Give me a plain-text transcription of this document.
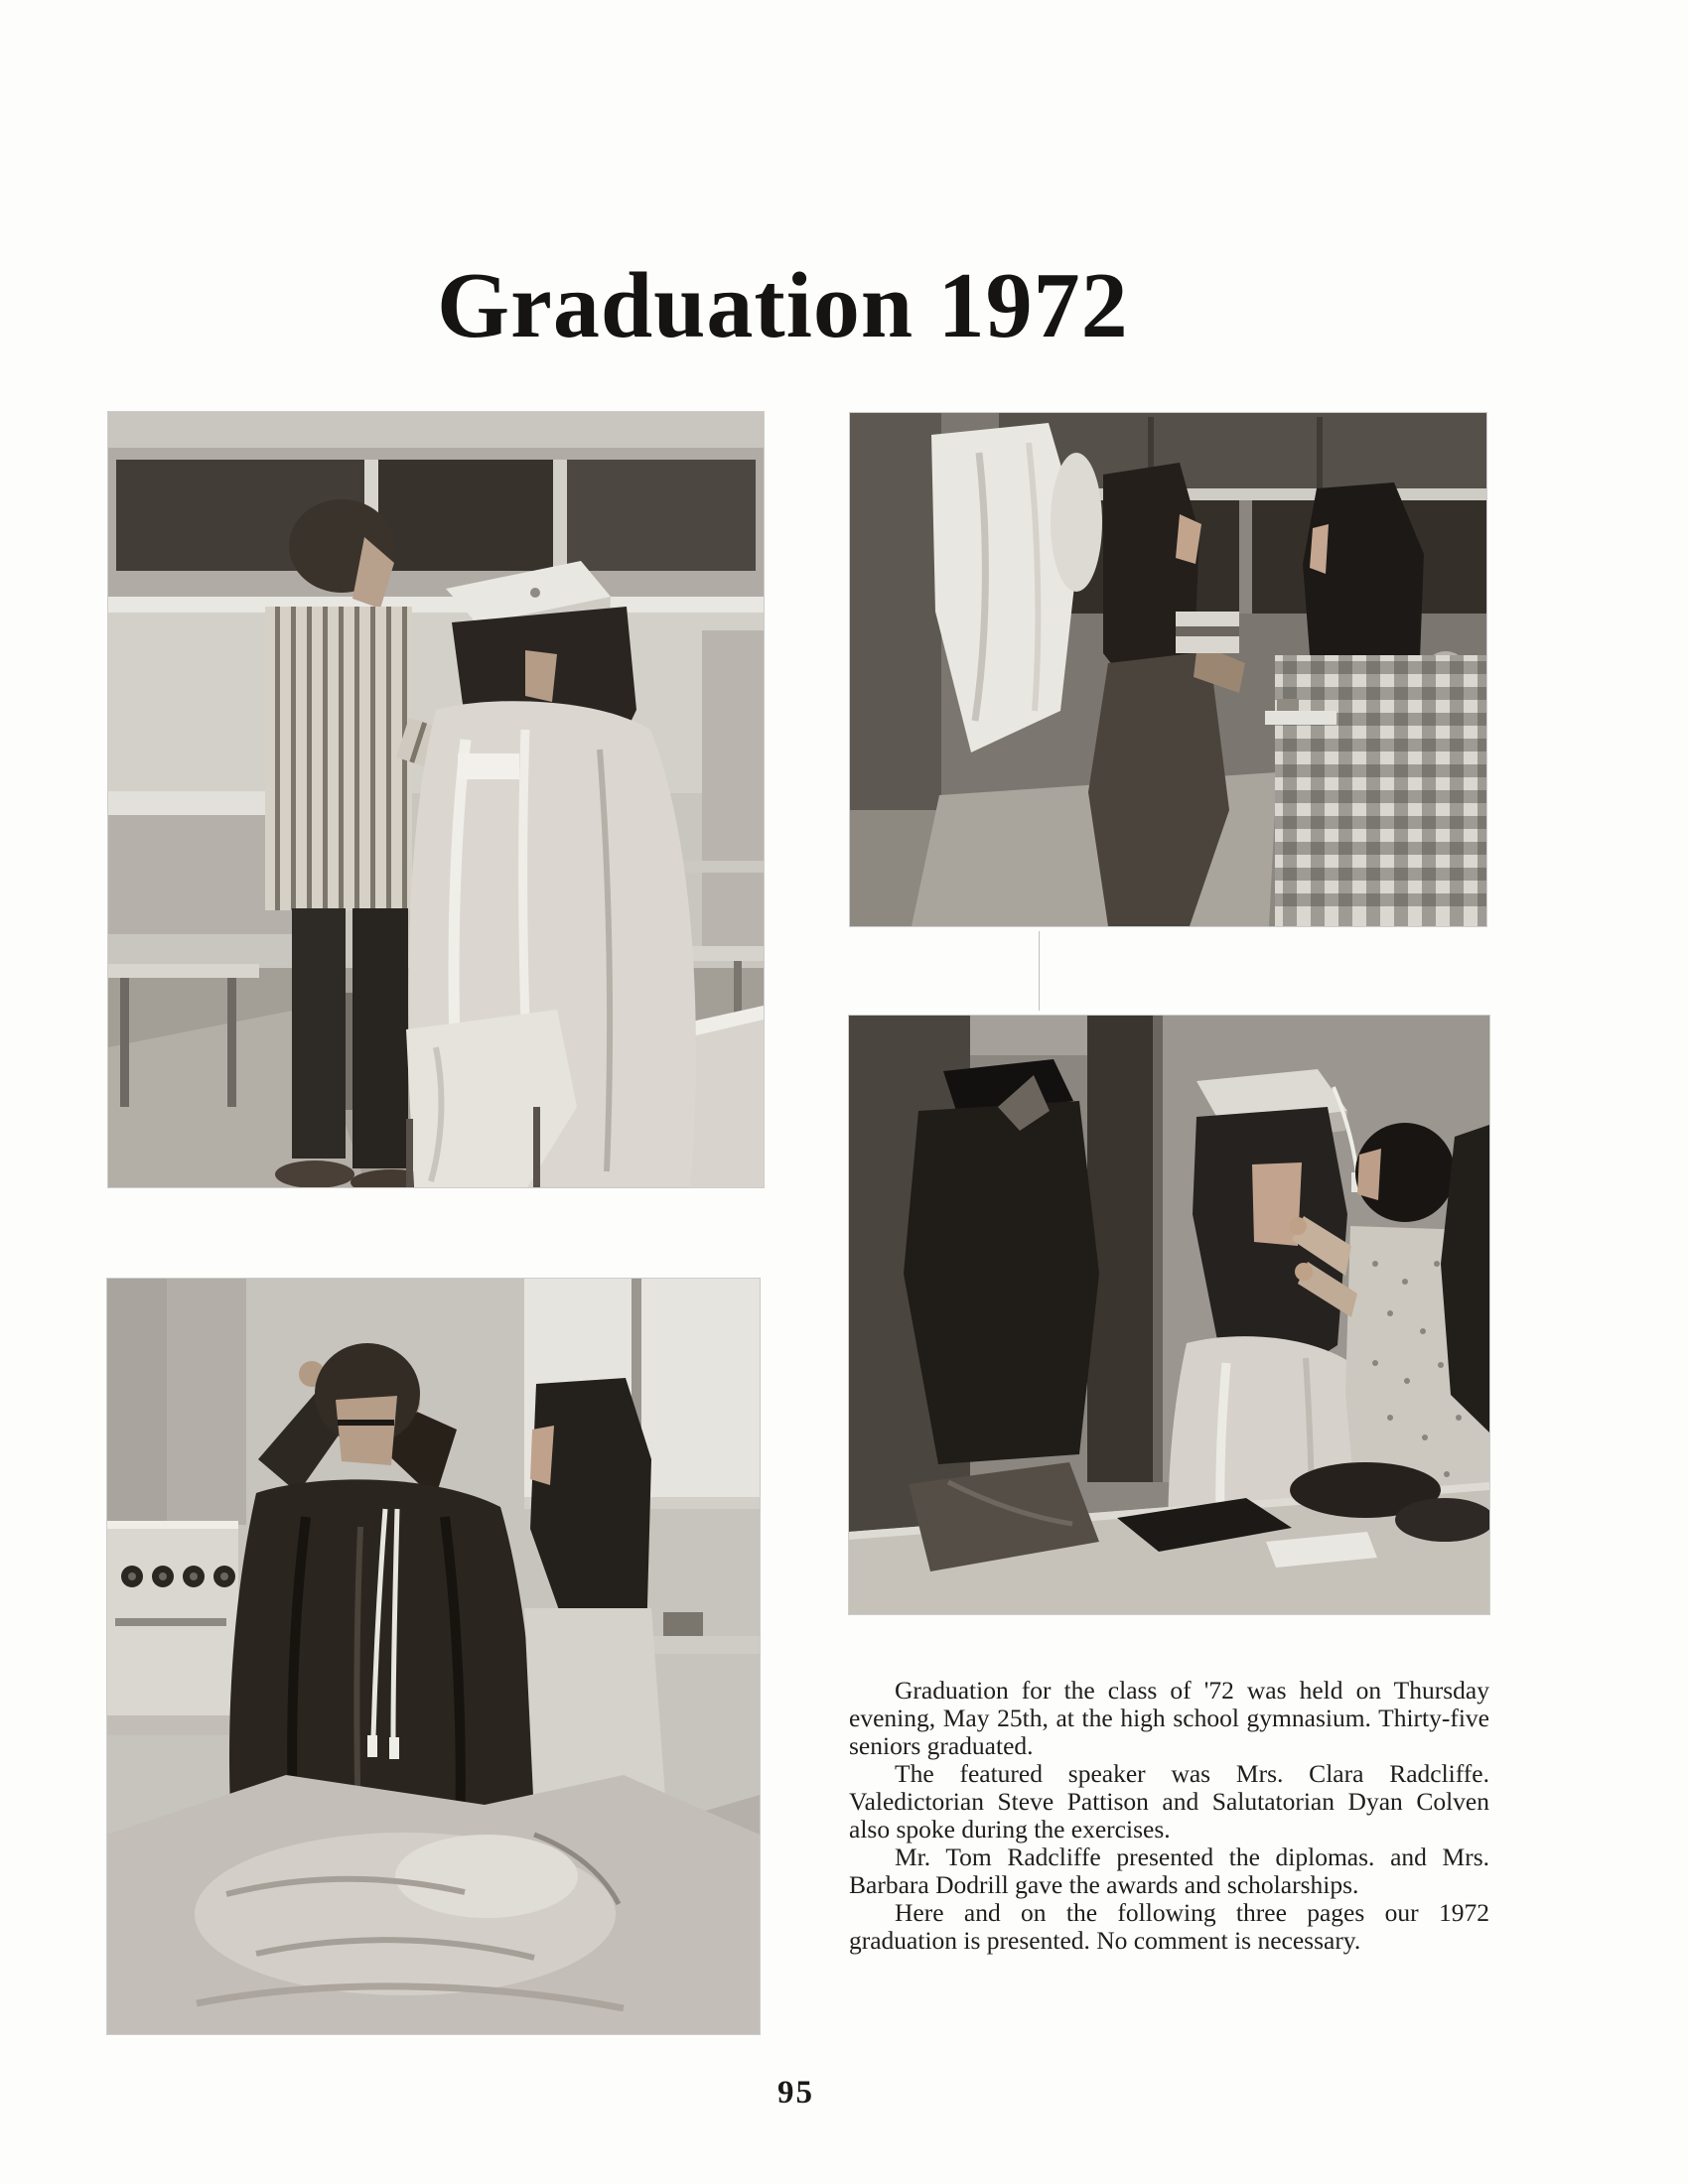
Graduation 1972

Graduation for the class of '72 was held on Thursday evening, May 25th, at the high school gymnasium. Thirty-five seniors graduated.

The featured speaker was Mrs. Clara Radcliffe. Valedictorian Steve Pattison and Salutatorian Dyan Colven also spoke during the exercises.

Mr. Tom Radcliffe presented the diplomas. and Mrs. Barbara Dodrill gave the awards and scholarships.

Here and on the following three pages our 1972 graduation is presented. No comment is necessary.

95
